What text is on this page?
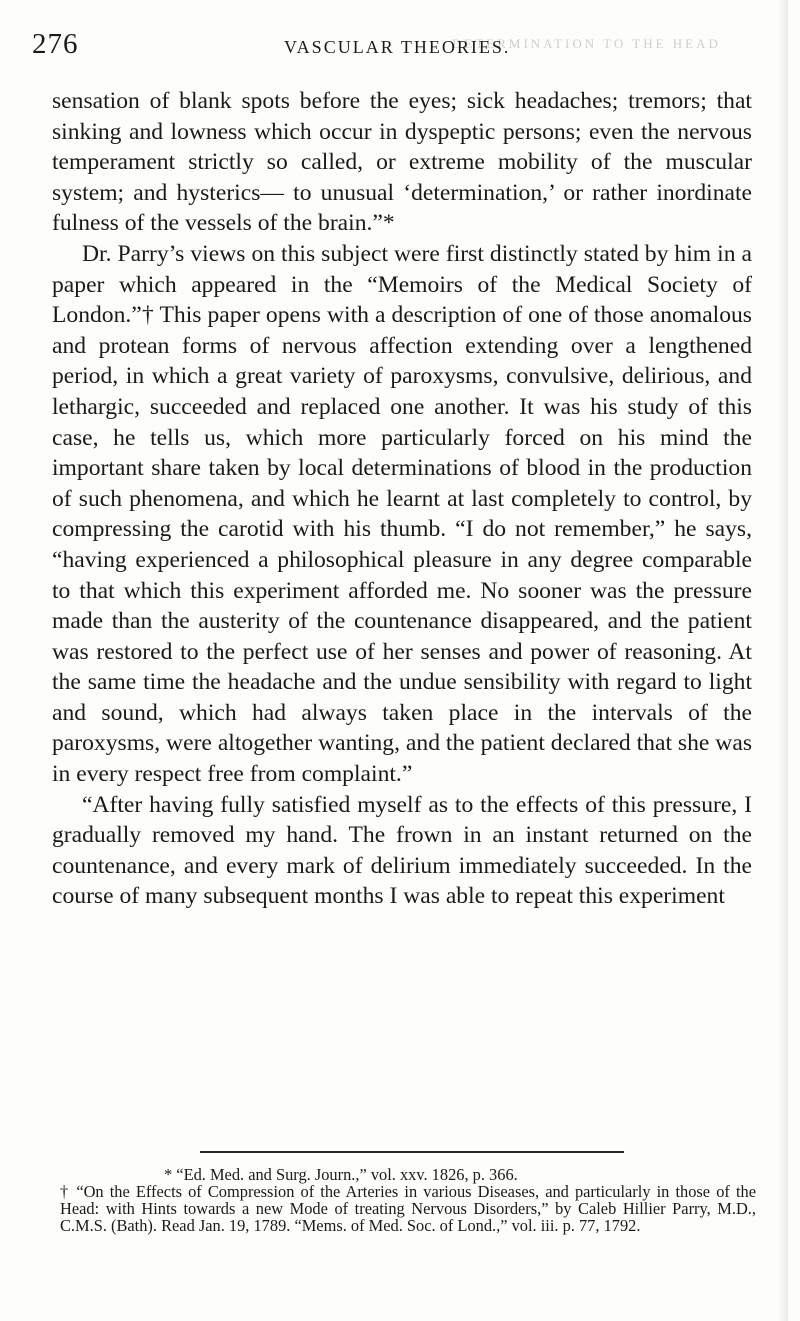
276	DETERMINATION TO THE HEAD
VASCULAR THEORIES.

sensation of blank spots before the eyes; sick headaches; tremors; that sinking and lowness which occur in dyspeptic persons; even the nervous temperament strictly so called, or extreme mobility of the muscular system; and hysterics— to unusual ‘determination,’ or rather inordinate fulness of the vessels of the brain.”*

Dr. Parry’s views on this subject were first distinctly stated by him in a paper which appeared in the “Memoirs of the Medical Society of London.”† This paper opens with a description of one of those anomalous and protean forms of nervous affection extending over a lengthened period, in which a great variety of paroxysms, convulsive, delirious, and lethargic, succeeded and replaced one another. It was his study of this case, he tells us, which more particularly forced on his mind the important share taken by local determinations of blood in the production of such phenomena, and which he learnt at last completely to control, by compressing the carotid with his thumb. “I do not remember,” he says, “having experienced a philosophical pleasure in any degree comparable to that which this experiment afforded me. No sooner was the pressure made than the austerity of the countenance disappeared, and the patient was restored to the perfect use of her senses and power of reasoning. At the same time the headache and the undue sensibility with regard to light and sound, which had always taken place in the intervals of the paroxysms, were altogether wanting, and the patient declared that she was in every respect free from complaint.”

“After having fully satisfied myself as to the effects of this pressure, I gradually removed my hand. The frown in an instant returned on the countenance, and every mark of delirium immediately succeeded. In the course of many subsequent months I was able to repeat this experiment

* “Ed. Med. and Surg. Journ.,” vol. xxv. 1826, p. 366.

† “On the Effects of Compression of the Arteries in various Diseases, and particularly in those of the Head: with Hints towards a new Mode of treating Nervous Disorders,” by Caleb Hillier Parry, M.D., C.M.S. (Bath). Read Jan. 19, 1789. “Mems. of Med. Soc. of Lond.,” vol. iii. p. 77, 1792.
